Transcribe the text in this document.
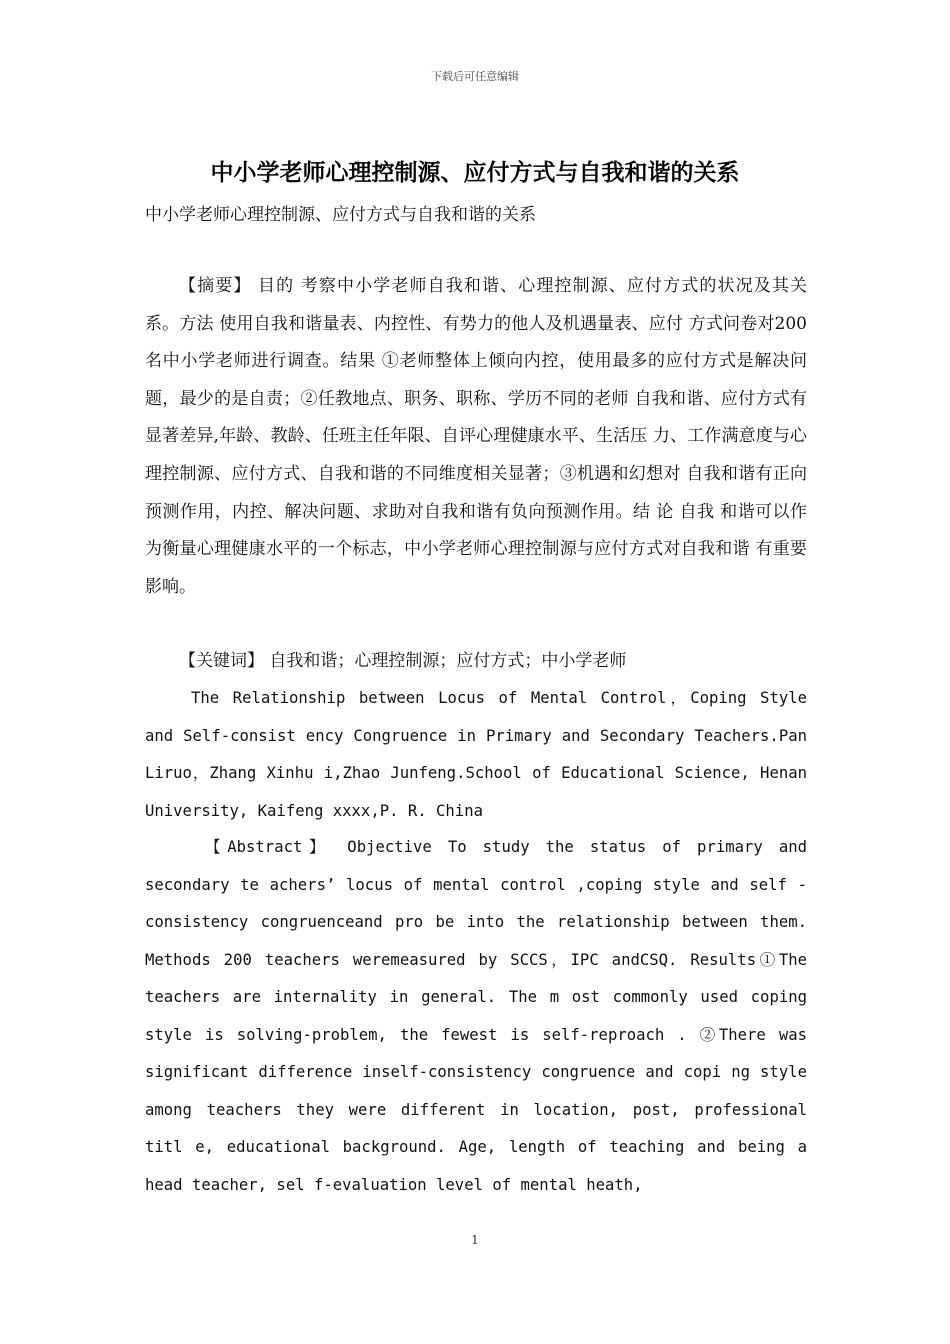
下载后可任意编辑
中小学老师心理控制源、应付方式与自我和谐的关系
中小学老师心理控制源、应付方式与自我和谐的关系
【摘要】 目的 考察中小学老师自我和谐、心理控制源、应付方式的状况及其关 系。方法 使用自我和谐量表、内控性、有势力的他人及机遇量表、应付 方式问卷对200名中小学老师进行调查。结果 ①老师整体上倾向内控，使用最多的应付方式是解决问题，最少的是自责；②任教地点、职务、职称、学历不同的老师 自我和谐、应付方式有显著差异,年龄、教龄、任班主任年限、自评心理健康水平、生活压 力、工作满意度与心理控制源、应付方式、自我和谐的不同维度相关显著；③机遇和幻想对 自我和谐有正向预测作用，内控、解决问题、求助对自我和谐有负向预测作用。结 论 自我 和谐可以作为衡量心理健康水平的一个标志，中小学老师心理控制源与应付方式对自我和谐 有重要影响。
【关键词】 自我和谐；心理控制源；应付方式；中小学老师
The Relationship between Locus of Mental Control，Coping Style and Self-consist ency Congruence in Primary and Secondary Teachers.Pan Liruo，Zhang Xinhu i,Zhao Junfeng.School of Educational Science, Henan University, Kaifeng xxxx,P. R. China
【Abstract】 Objective To study the status of primary and secondary te achers’ locus of mental control ,coping style and self -consistency congruenceand pro be into the relationship between them. Methods 200 teachers weremeasured by SCCS，IPC andCSQ. Results①The teachers are internality in general. The m ost commonly used coping style is solving-problem, the fewest is self-reproach . ②There was significant difference inself-consistency congruence and copi ng style among teachers they were different in location, post, professional titl e, educational background. Age, length of teaching and being a head teacher, sel f-evaluation level of mental heath,
1
